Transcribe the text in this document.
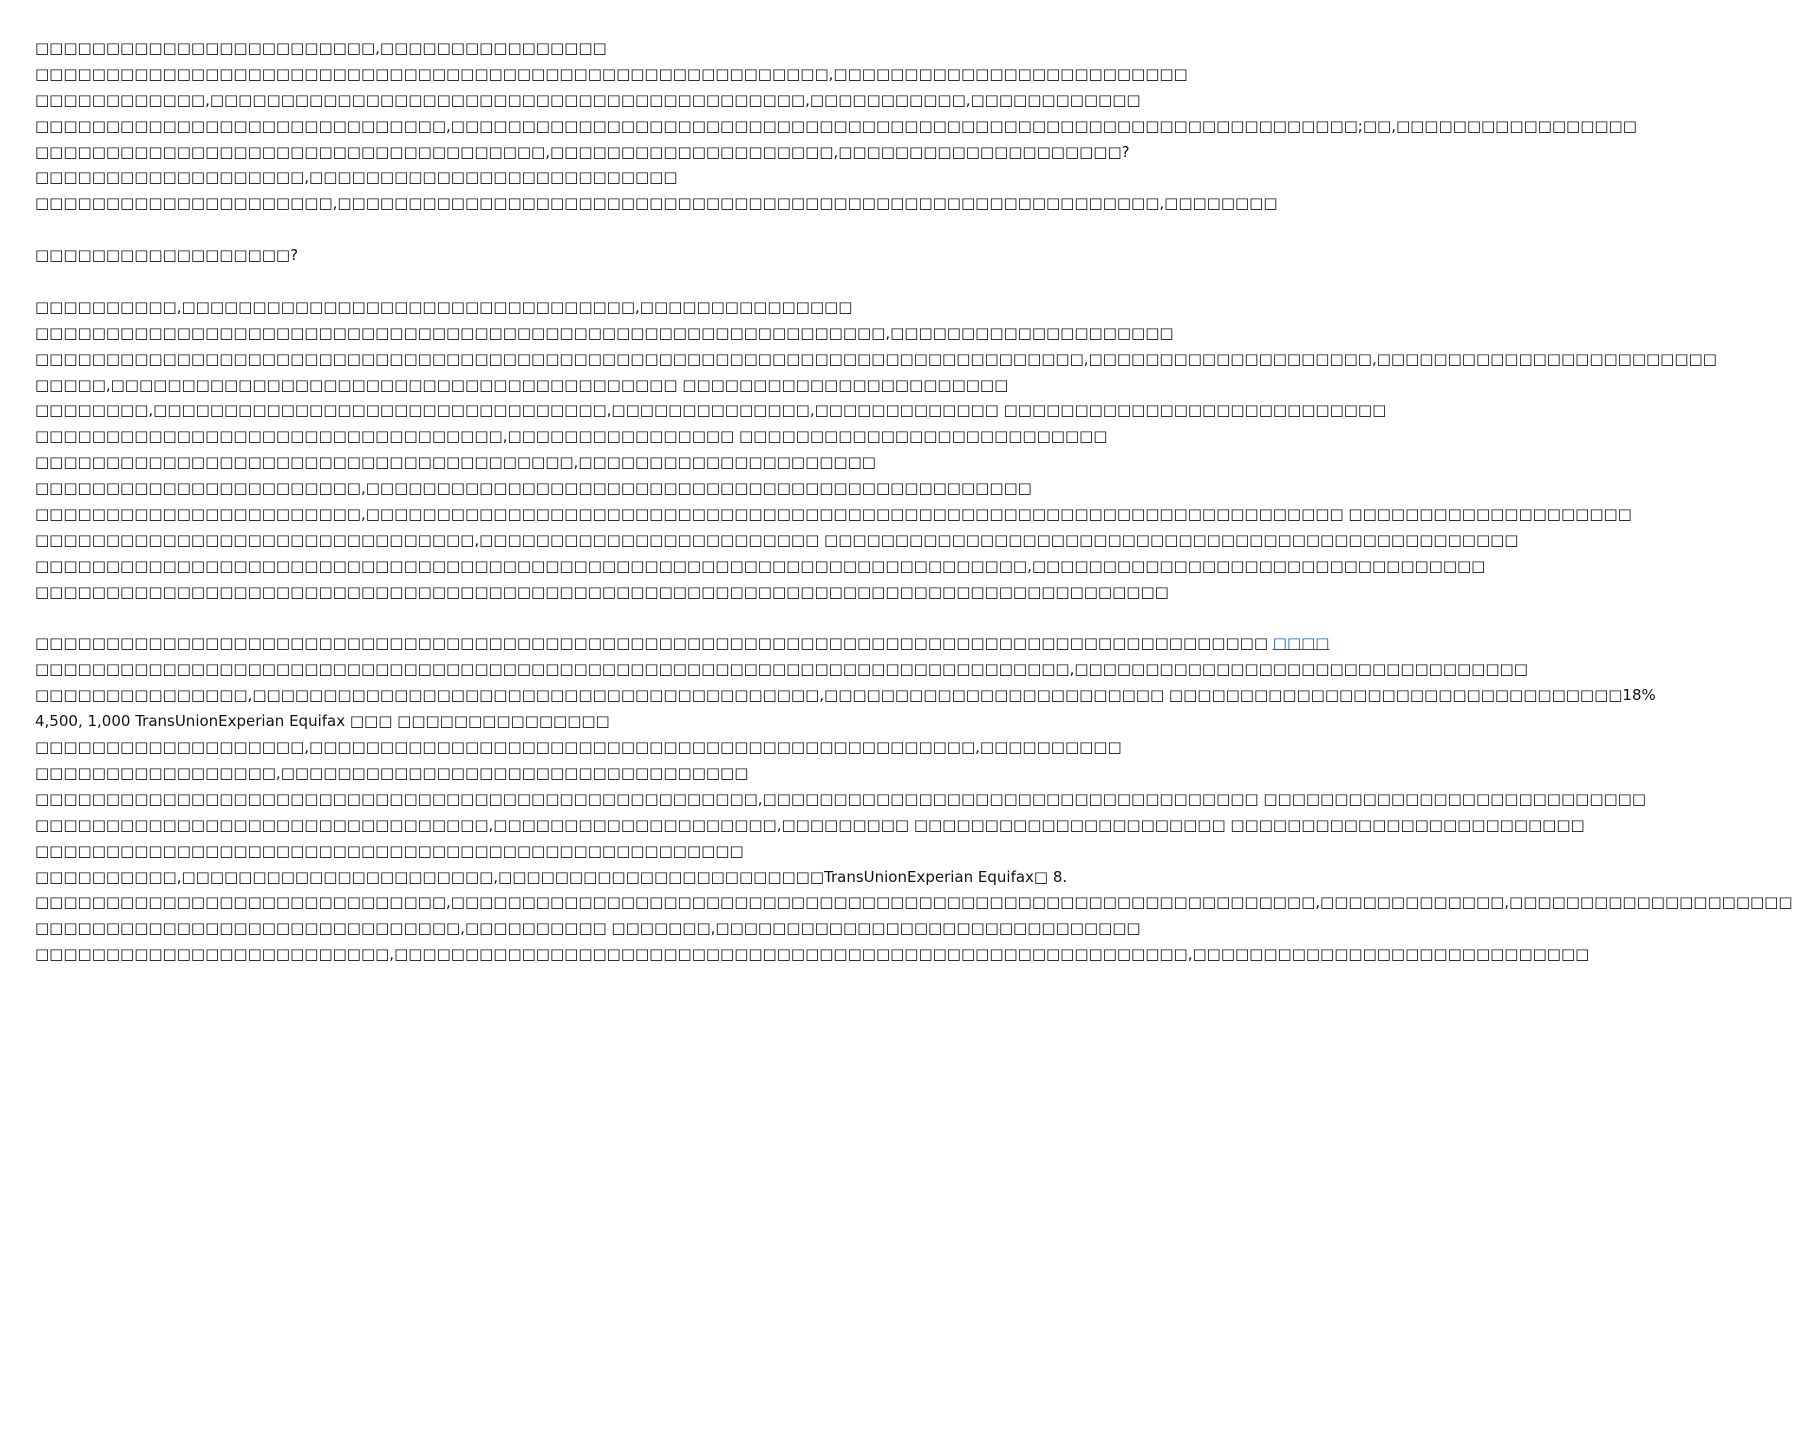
□□□□□□□□□□□□□□□□□□□□□□□□,□□□□□□□□□□□□□□□□
□□□□□□□□□□□□□□□□□□□□□□□□□□□□□□□□□□□□□□□□□□□□□□□□□□□□□□□□,□□□□□□□□□□□□□□□□□□□□□□□□□
□□□□□□□□□□□□,□□□□□□□□□□□□□□□□□□□□□□□□□□□□□□□□□□□□□□□□□□,□□□□□□□□□□□,□□□□□□□□□□□□
□□□□□□□□□□□□□□□□□□□□□□□□□□□□□,□□□□□□□□□□□□□□□□□□□□□□□□□□□□□□□□□□□□□□□□□□□□□□□□□□□□□□□□□□□□□□□□;□□,□□□□□□□□□□□□□□□□□
□□□□□□□□□□□□□□□□□□□□□□□□□□□□□□□□□□□□,□□□□□□□□□□□□□□□□□□□□,□□□□□□□□□□□□□□□□□□□□?
□□□□□□□□□□□□□□□□□□□,□□□□□□□□□□□□□□□□□□□□□□□□□□
□□□□□□□□□□□□□□□□□□□□□,□□□□□□□□□□□□□□□□□□□□□□□□□□□□□□□□□□□□□□□□□□□□□□□□□□□□□□□□□□,□□□□□□□□
□□□□□□□□□□□□□□□□□□?
□□□□□□□□□□,□□□□□□□□□□□□□□□□□□□□□□□□□□□□□□□□,□□□□□□□□□□□□□□□
□□□□□□□□□□□□□□□□□□□□□□□□□□□□□□□□□□□□□□□□□□□□□□□□□□□□□□□□□□□□,□□□□□□□□□□□□□□□□□□□□
□□□□□□□□□□□□□□□□□□□□□□□□□□□□□□□□□□□□□□□□□□□□□□□□□□□□□□□□□□□□□□□□□□□□□□□□□□,□□□□□□□□□□□□□□□□□□□□,□□□□□□□□□□□□□□□□□□□□□□□□
□□□□□,□□□□□□□□□□□□□□□□□□□□□□□□□□□□□□□□□□□□□□□□ □□□□□□□□□□□□□□□□□□□□□□□
□□□□□□□□,□□□□□□□□□□□□□□□□□□□□□□□□□□□□□□□□,□□□□□□□□□□□□□□,□□□□□□□□□□□□□ □□□□□□□□□□□□□□□□□□□□□□□□□□□
□□□□□□□□□□□□□□□□□□□□□□□□□□□□□□□□□,□□□□□□□□□□□□□□□□ □□□□□□□□□□□□□□□□□□□□□□□□□□
□□□□□□□□□□□□□□□□□□□□□□□□□□□□□□□□□□□□□□,□□□□□□□□□□□□□□□□□□□□□
□□□□□□□□□□□□□□□□□□□□□□□,□□□□□□□□□□□□□□□□□□□□□□□□□□□□□□□□□□□□□□□□□□□□□□□
□□□□□□□□□□□□□□□□□□□□□□□,□□□□□□□□□□□□□□□□□□□□□□□□□□□□□□□□□□□□□□□□□□□□□□□□□□□□□□□□□□□□□□□□□□□□□ □□□□□□□□□□□□□□□□□□□□
□□□□□□□□□□□□□□□□□□□□□□□□□□□□□□□,□□□□□□□□□□□□□□□□□□□□□□□□ □□□□□□□□□□□□□□□□□□□□□□□□□□□□□□□□□□□□□□□□□□□□□□□□□
□□□□□□□□□□□□□□□□□□□□□□□□□□□□□□□□□□□□□□□□□□□□□□□□□□□□□□□□□□□□□□□□□□□□□□,□□□□□□□□□□□□□□□□□□□□□□□□□□□□□□□□
□□□□□□□□□□□□□□□□□□□□□□□□□□□□□□□□□□□□□□□□□□□□□□□□□□□□□□□□□□□□□□□□□□□□□□□□□□□□□□□□
□□□□□□□□□□□□□□□□□□□□□□□□□□□□□□□□□□□□□□□□□□□□□□□□□□□□□□□□□□□□□□□□□□□□□□□□□□□□□□□□□□□□□□□ □□□□
□□□□□□□□□□□□□□□□□□□□□□□□□□□□□□□□□□□□□□□□□□□□□□□□□□□□□□□□□□□□□□□□□□□□□□□□□,□□□□□□□□□□□□□□□□□□□□□□□□□□□□□□□□
□□□□□□□□□□□□□□□,□□□□□□□□□□□□□□□□□□□□□□□□□□□□□□□□□□□□□□□□,□□□□□□□□□□□□□□□□□□□□□□□□ □□□□□□□□□□□□□□□□□□□□□□□□□□□□□□□□18%
4,500, 1,000 TransUnionExperian Equifax □□□ □□□□□□□□□□□□□□□
□□□□□□□□□□□□□□□□□□□,□□□□□□□□□□□□□□□□□□□□□□□□□□□□□□□□□□□□□□□□□□□□□□□,□□□□□□□□□□
□□□□□□□□□□□□□□□□□,□□□□□□□□□□□□□□□□□□□□□□□□□□□□□□□□□
□□□□□□□□□□□□□□□□□□□□□□□□□□□□□□□□□□□□□□□□□□□□□□□□□□□,□□□□□□□□□□□□□□□□□□□□□□□□□□□□□□□□□□□ □□□□□□□□□□□□□□□□□□□□□□□□□□□
□□□□□□□□□□□□□□□□□□□□□□□□□□□□□□□□,□□□□□□□□□□□□□□□□□□□□,□□□□□□□□□ □□□□□□□□□□□□□□□□□□□□□□ □□□□□□□□□□□□□□□□□□□□□□□□□
□□□□□□□□□□□□□□□□□□□□□□□□□□□□□□□□□□□□□□□□□□□□□□□□□□
□□□□□□□□□□,□□□□□□□□□□□□□□□□□□□□□□,□□□□□□□□□□□□□□□□□□□□□□□TransUnionExperian Equifax□ 8.
□□□□□□□□□□□□□□□□□□□□□□□□□□□□□,□□□□□□□□□□□□□□□□□□□□□□□□□□□□□□□□□□□□□□□□□□□□□□□□□□□□□□□□□□□□□,□□□□□□□□□□□□□,□□□□□□□□□□□□□□□□□□□□
□□□□□□□□□□□□□□□□□□□□□□□□□□□□□□,□□□□□□□□□□ □□□□□□□,□□□□□□□□□□□□□□□□□□□□□□□□□□□□□□
□□□□□□□□□□□□□□□□□□□□□□□□□,□□□□□□□□□□□□□□□□□□□□□□□□□□□□□□□□□□□□□□□□□□□□□□□□□□□□□□□□,□□□□□□□□□□□□□□□□□□□□□□□□□□□□
